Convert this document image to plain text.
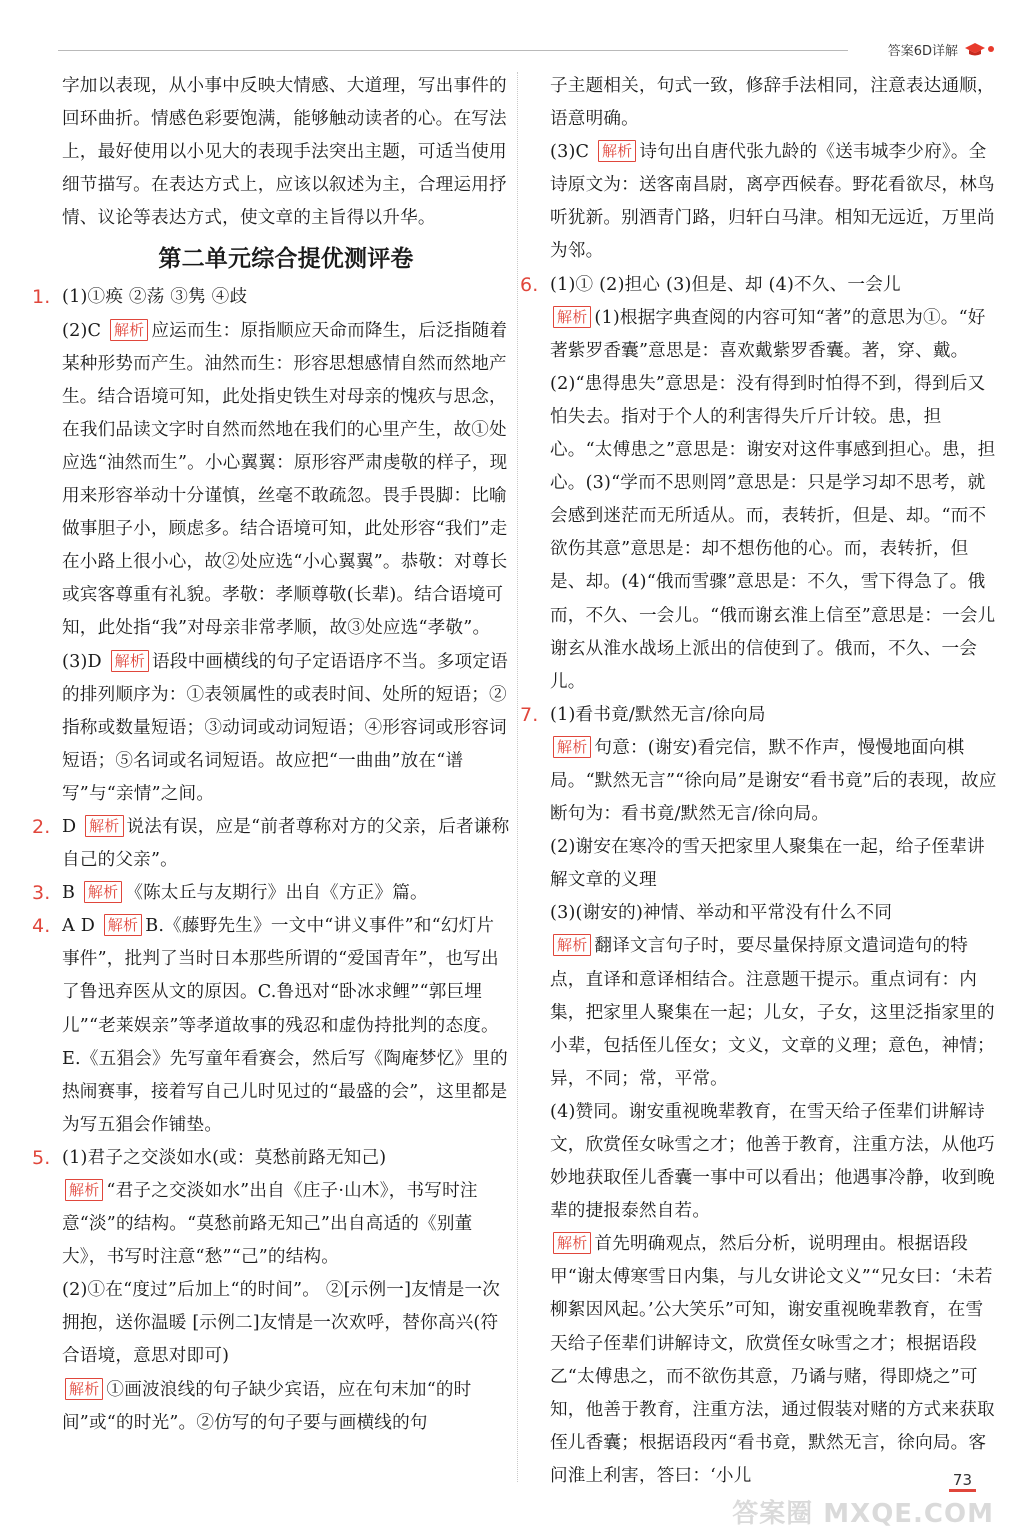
答案6D详解

字加以表现，从小事中反映大情感、大道理，写出事件的回环曲折。情感色彩要饱满，能够触动读者的心。在写法上，最好使用以小见大的表现手法突出主题，可适当使用细节描写。在表达方式上，应该以叙述为主，合理运用抒情、议论等表达方式，使文章的主旨得以升华。

第二单元综合提优测评卷
1. (1)①痪 ②荡 ③隽 ④歧

(2)C 解析 应运而生：原指顺应天命而降生，后泛指随着某种形势而产生。油然而生：形容思想感情自然而然地产生。结合语境可知，此处指史铁生对母亲的愧疚与思念，在我们品读文字时自然而然地在我们的心里产生，故①处应选“油然而生”。小心翼翼：原形容严肃虔敬的样子，现用来形容举动十分谨慎，丝毫不敢疏忽。畏手畏脚：比喻做事胆子小，顾虑多。结合语境可知，此处形容“我们”走在小路上很小心，故②处应选“小心翼翼”。恭敬：对尊长或宾客尊重有礼貌。孝敬：孝顺尊敬(长辈)。结合语境可知，此处指“我”对母亲非常孝顺，故③处应选“孝敬”。

(3)D 解析 语段中画横线的句子定语语序不当。多项定语的排列顺序为：①表领属性的或表时间、处所的短语；②指称或数量短语；③动词或动词短语；④形容词或形容词短语；⑤名词或名词短语。故应把“一曲曲”放在“谱写”与“亲情”之间。

2. D 解析 说法有误，应是“前者尊称对方的父亲，后者谦称自己的父亲”。

3. B 解析 《陈太丘与友期行》出自《方正》篇。

4. A D 解析 B.《藤野先生》一文中“讲义事件”和“幻灯片事件”，批判了当时日本那些所谓的“爱国青年”，也写出了鲁迅弃医从文的原因。C.鲁迅对“卧冰求鲤”“郭巨埋儿”“老莱娱亲”等孝道故事的残忍和虚伪持批判的态度。E.《五猖会》先写童年看赛会，然后写《陶庵梦忆》里的热闹赛事，接着写自己儿时见过的“最盛的会”，这里都是为写五猖会作铺垫。

5. (1)君子之交淡如水(或：莫愁前路无知己)

解析 “君子之交淡如水”出自《庄子·山木》，书写时注意“淡”的结构。“莫愁前路无知己”出自高适的《别董大》，书写时注意“愁”“己”的结构。

(2)①在“度过”后加上“的时间”。 ②[示例一]友情是一次拥抱，送你温暖 [示例二]友情是一次欢呼，替你高兴(符合语境，意思对即可)

解析 ①画波浪线的句子缺少宾语，应在句末加“的时间”或“的时光”。②仿写的句子要与画横线的句

子主题相关，句式一致，修辞手法相同，注意表达通顺，语意明确。

(3)C 解析 诗句出自唐代张九龄的《送韦城李少府》。全诗原文为：送客南昌尉，离亭西候春。野花看欲尽，林鸟听犹新。别酒青门路，归轩白马津。相知无远近，万里尚为邻。

6. (1)① (2)担心 (3)但是、却 (4)不久、一会儿

解析 (1)根据字典查阅的内容可知“著”的意思为①。“好著紫罗香囊”意思是：喜欢戴紫罗香囊。著，穿、戴。(2)“患得患失”意思是：没有得到时怕得不到，得到后又怕失去。指对于个人的利害得失斤斤计较。患，担心。“太傅患之”意思是：谢安对这件事感到担心。患，担心。(3)“学而不思则罔”意思是：只是学习却不思考，就会感到迷茫而无所适从。而，表转折，但是、却。“而不欲伤其意”意思是：却不想伤他的心。而，表转折，但是、却。(4)“俄而雪骤”意思是：不久，雪下得急了。俄而，不久、一会儿。“俄而谢玄淮上信至”意思是：一会儿谢玄从淮水战场上派出的信使到了。俄而，不久、一会儿。

7. (1)看书竟/默然无言/徐向局

解析 句意：(谢安)看完信，默不作声，慢慢地面向棋局。“默然无言”“徐向局”是谢安“看书竟”后的表现，故应断句为：看书竟/默然无言/徐向局。

(2)谢安在寒冷的雪天把家里人聚集在一起，给子侄辈讲解文章的义理

(3)(谢安的)神情、举动和平常没有什么不同

解析 翻译文言句子时，要尽量保持原文遣词造句的特点，直译和意译相结合。注意题干提示。重点词有：内集，把家里人聚集在一起；儿女，子女，这里泛指家里的小辈，包括侄儿侄女；文义，文章的义理；意色，神情；异，不同；常，平常。

(4)赞同。谢安重视晚辈教育，在雪天给子侄辈们讲解诗文，欣赏侄女咏雪之才；他善于教育，注重方法，从他巧妙地获取侄儿香囊一事中可以看出；他遇事冷静，收到晚辈的捷报泰然自若。

解析 首先明确观点，然后分析，说明理由。根据语段甲“谢太傅寒雪日内集，与儿女讲论文义”“兄女曰：‘未若柳絮因风起。’公大笑乐”可知，谢安重视晚辈教育，在雪天给子侄辈们讲解诗文，欣赏侄女咏雪之才；根据语段乙“太傅患之，而不欲伤其意，乃谲与赌，得即烧之”可知，他善于教育，注重方法，通过假装对赌的方式来获取侄儿香囊；根据语段丙“看书竟，默然无言，徐向局。客问淮上利害，答曰：‘小儿	73
答案圈 MXQE.COM
